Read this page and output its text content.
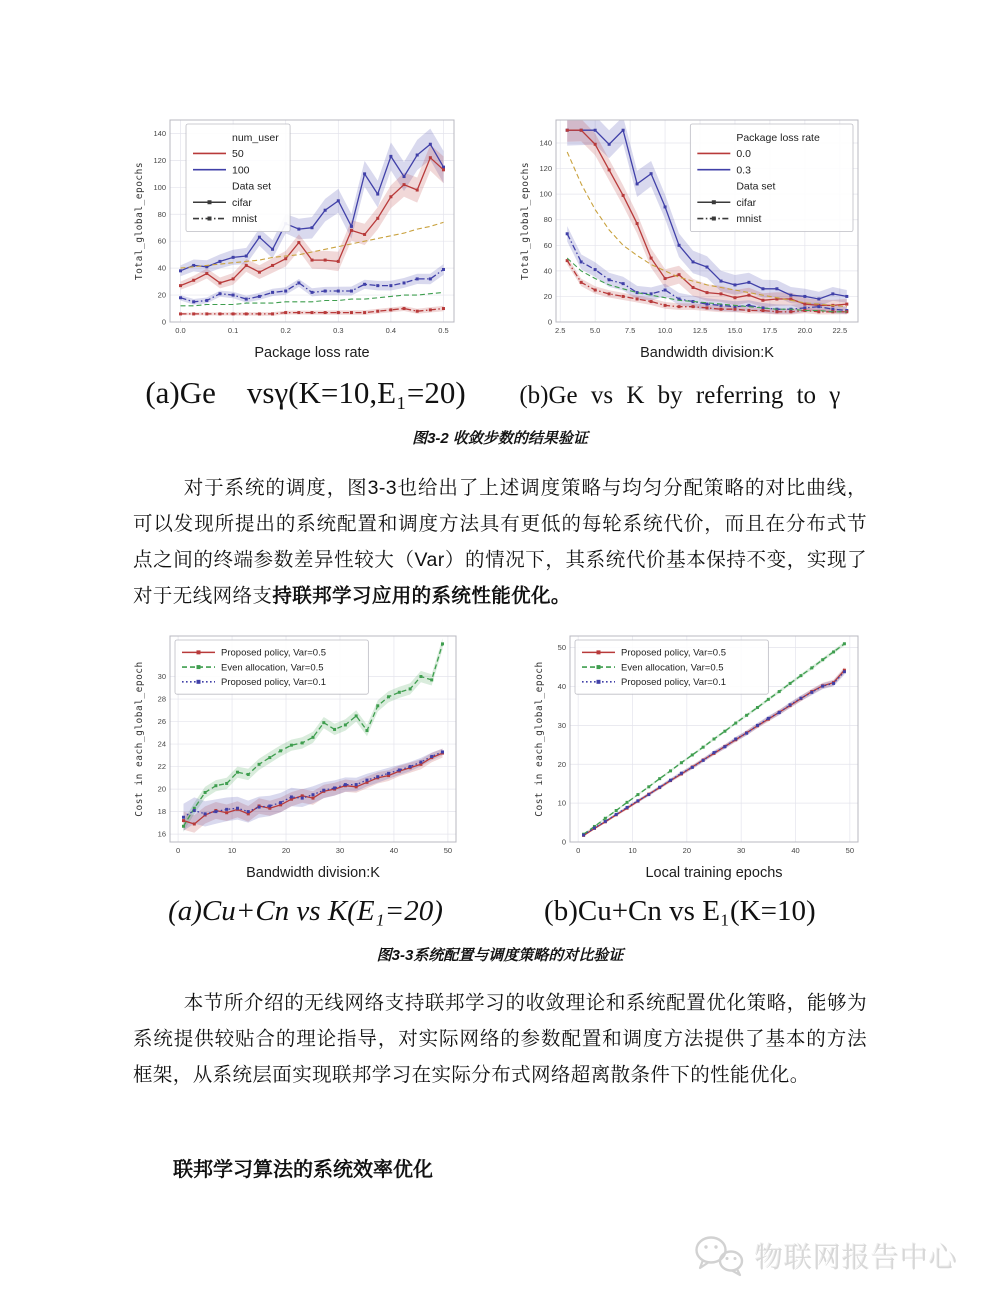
0
20
40
60
80
100
120
140
0.0	0.1	0.2	0.3	0.4	0.5
Package loss rate
Total_global_epochs
num_user
50
100
Data set
cifar
mnist
0
20
40
60
80
100
120
140
2.5	5.0	7.5	10.0	12.5	15.0	17.5	20.0	22.5
Bandwidth division:K
Total_global_epochs
Package loss rate
0.0
0.3
Data set
cifar
mnist
(a)Ge    vsγ(K=10,E₁=20)	(b)Ge vs K by referring to γ
图3-2 收敛步数的结果验证
对于系统的调度，图3-3也给出了上述调度策略与均匀分配策略的对比曲线，可以发现所提出的系统配置和调度方法具有更低的每轮系统代价，而且在分布式节点之间的终端参数差异性较大（Var）的情况下，其系统代价基本保持不变，实现了对于无线网络支持联邦学习应用的系统性能优化。
16
18
20
22
24
26
28
30
0	10	20	30	40	50
Bandwidth division:K
Cost in each_global_epoch
Proposed policy, Var=0.5
Even allocation, Var=0.5
Proposed policy, Var=0.1
0
10
20
30
40
50
0	10	20	30	40	50
Local training epochs
Cost in each_global_epoch
Proposed policy, Var=0.5
Even allocation, Var=0.5
Proposed policy, Var=0.1
(a)Cu+Cn vs K(E₁=20)	(b)Cu+Cn vs E₁(K=10)
图3-3系统配置与调度策略的对比验证
本节所介绍的无线网络支持联邦学习的收敛理论和系统配置优化策略，能够为系统提供较贴合的理论指导，对实际网络的参数配置和调度方法提供了基本的方法框架，从系统层面实现联邦学习在实际分布式网络超离散条件下的性能优化。
联邦学习算法的系统效率优化
物联网报告中心
